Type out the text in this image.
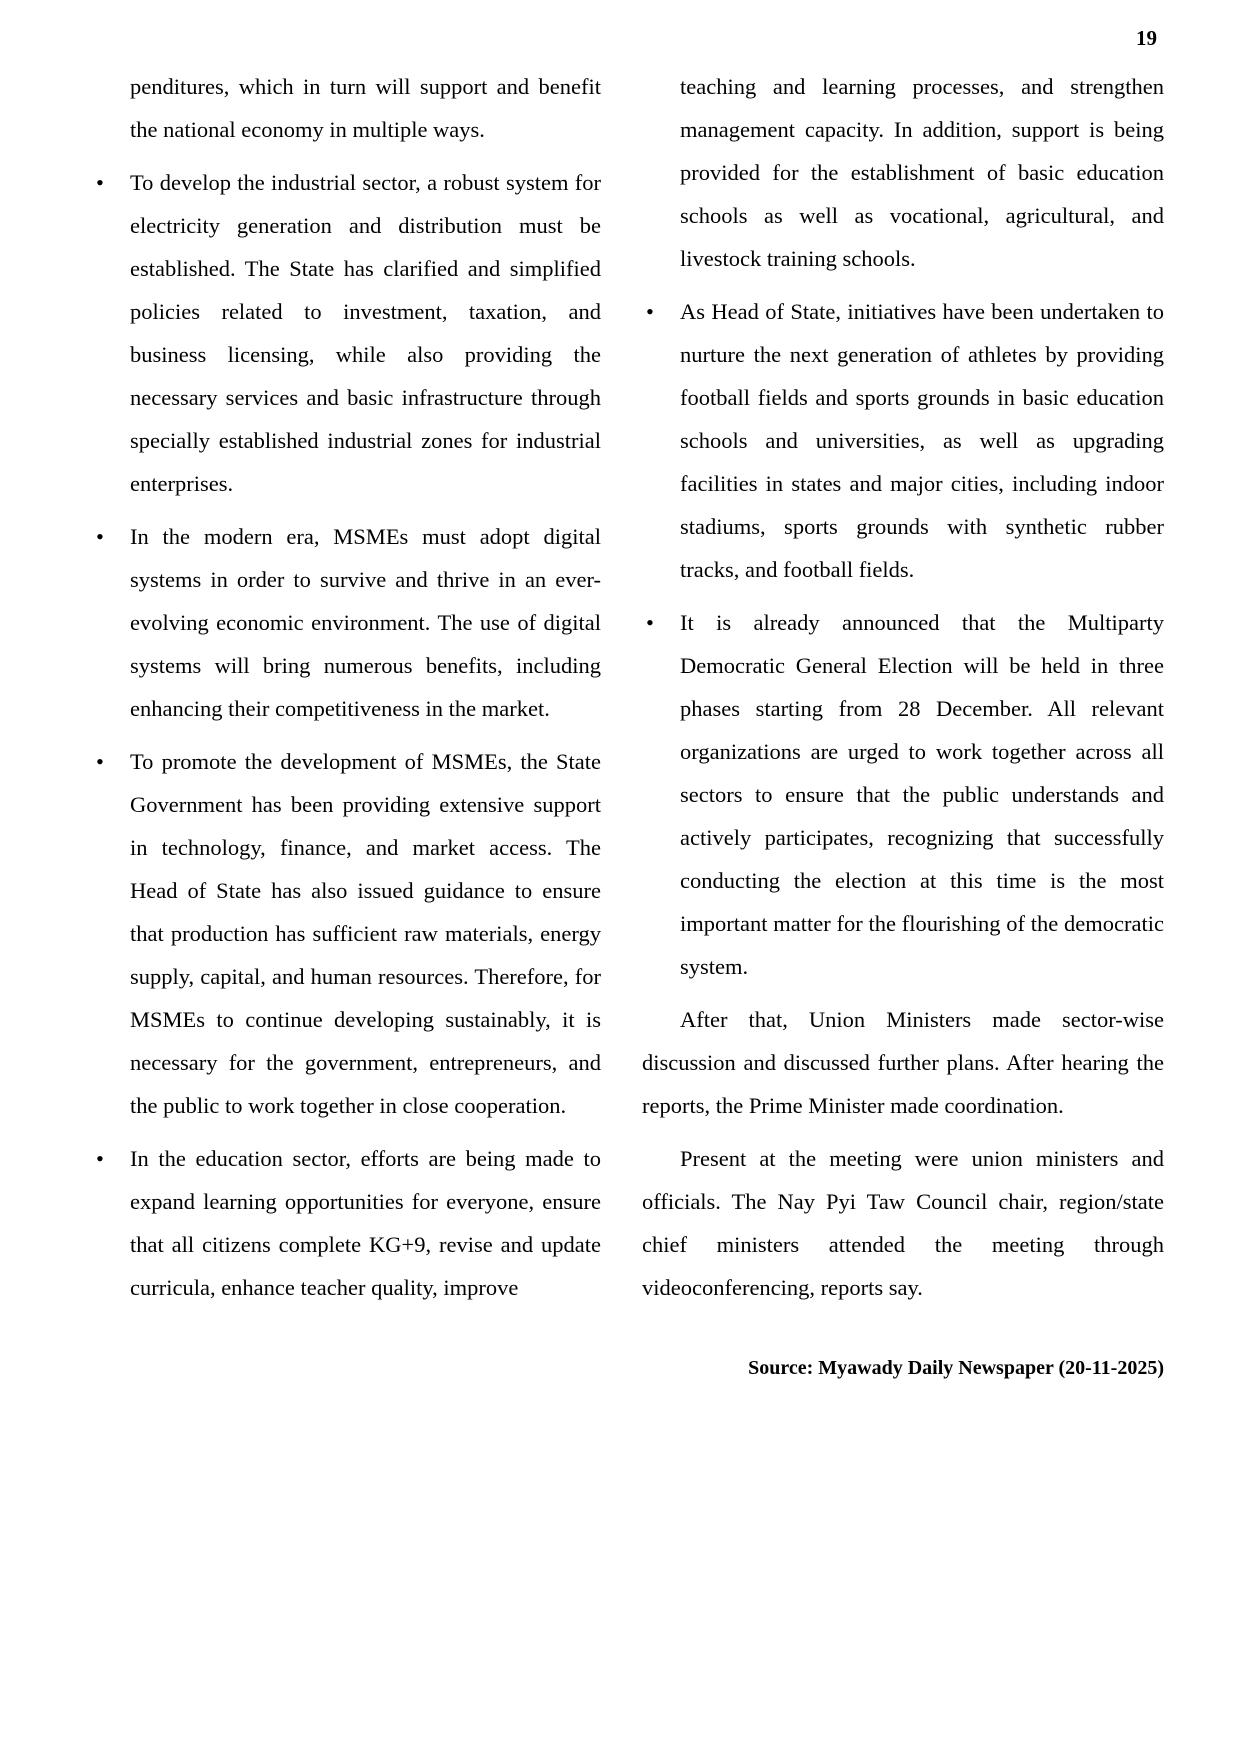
19
penditures, which in turn will support and benefit the national economy in multiple ways.
•	To develop the industrial sector, a robust system for electricity generation and distribution must be established. The State has clarified and simplified policies related to investment, taxation, and business licensing, while also providing the necessary services and basic infrastructure through specially established industrial zones for industrial enterprises.
•	In the modern era, MSMEs must adopt digital systems in order to survive and thrive in an ever-evolving economic environment. The use of digital systems will bring numerous benefits, including enhancing their competitiveness in the market.
•	To promote the development of MSMEs, the State Government has been providing extensive support in technology, finance, and market access. The Head of State has also issued guidance to ensure that production has sufficient raw materials, energy supply, capital, and human resources. Therefore, for MSMEs to continue developing sustainably, it is necessary for the government, entrepreneurs, and the public to work together in close cooperation.
•	In the education sector, efforts are being made to expand learning opportunities for everyone, ensure that all citizens complete KG+9, revise and update curricula, enhance teacher quality, improve
teaching and learning processes, and strengthen management capacity. In addition, support is being provided for the establishment of basic education schools as well as vocational, agricultural, and livestock training schools.
•	As Head of State, initiatives have been undertaken to nurture the next generation of athletes by providing football fields and sports grounds in basic education schools and universities, as well as upgrading facilities in states and major cities, including indoor stadiums, sports grounds with synthetic rubber tracks, and football fields.
•	It is already announced that the Multiparty Democratic General Election will be held in three phases starting from 28 December. All relevant organizations are urged to work together across all sectors to ensure that the public understands and actively participates, recognizing that successfully conducting the election at this time is the most important matter for the flourishing of the democratic system.
After that, Union Ministers made sector-wise discussion and discussed further plans. After hearing the reports, the Prime Minister made coordination.
Present at the meeting were union ministers and officials. The Nay Pyi Taw Council chair, region/state chief ministers attended the meeting through videoconferencing, reports say.
Source: Myawady Daily Newspaper (20-11-2025)
